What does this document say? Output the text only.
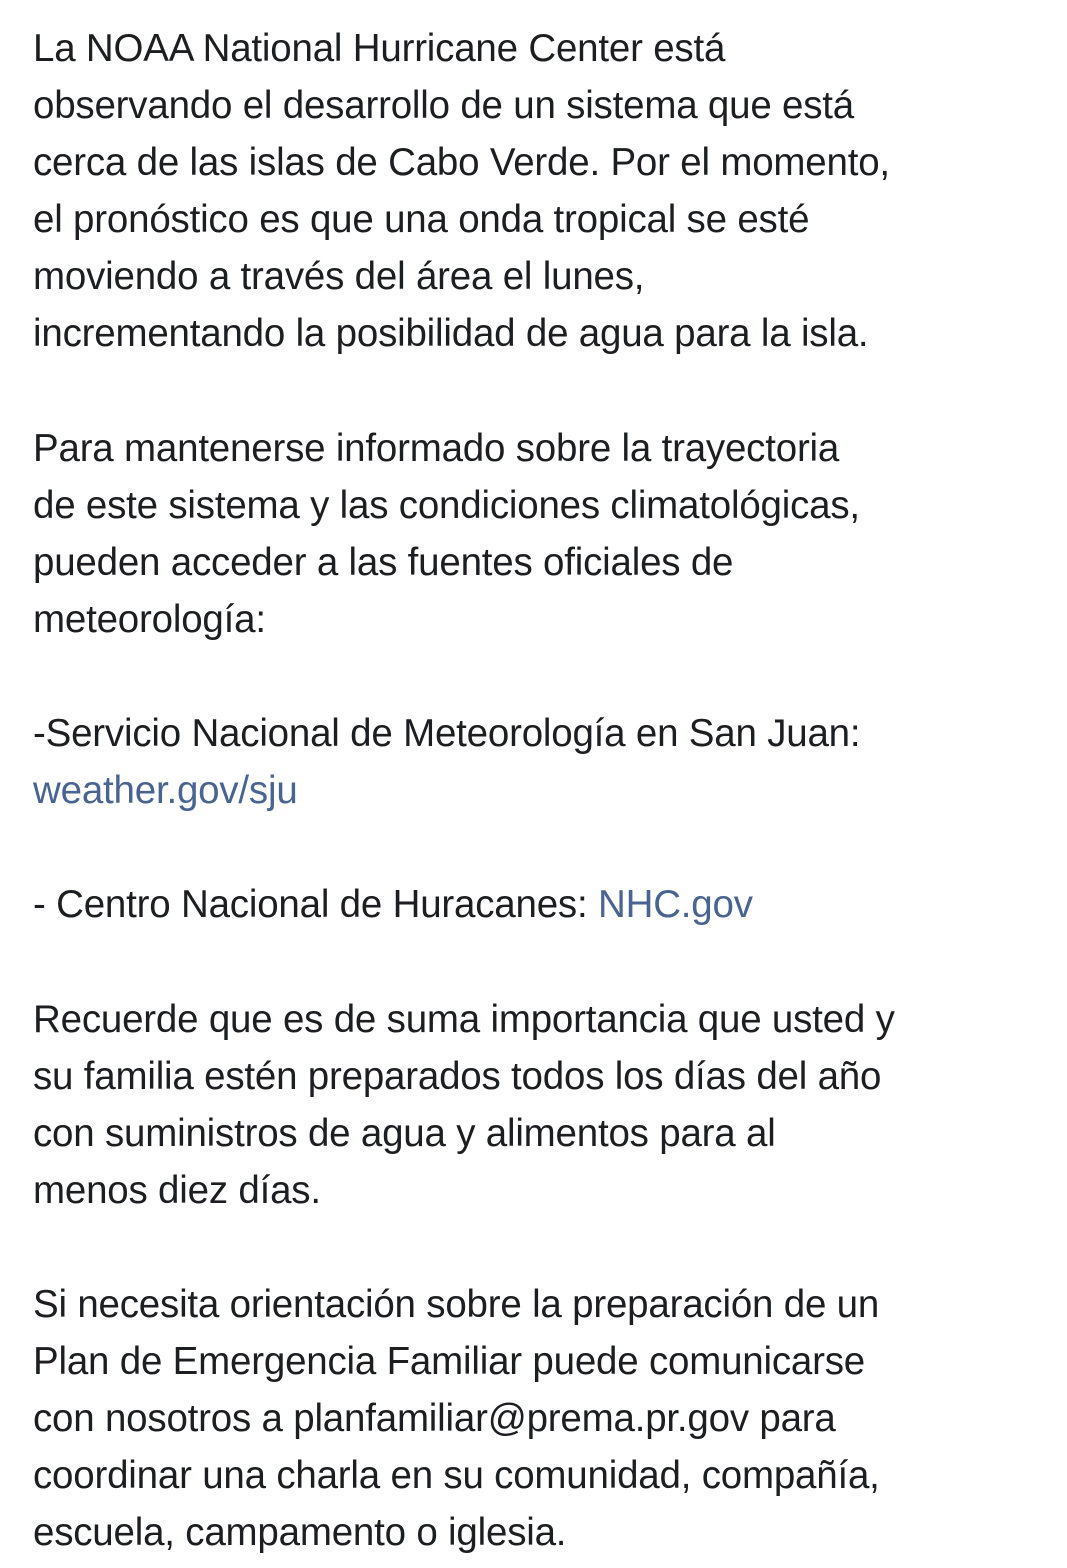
La NOAA National Hurricane Center está
observando el desarrollo de un sistema que está
cerca de las islas de Cabo Verde. Por el momento,
el pronóstico es que una onda tropical se esté
moviendo a través del área el lunes,
incrementando la posibilidad de agua para la isla.

Para mantenerse informado sobre la trayectoria
de este sistema y las condiciones climatológicas,
pueden acceder a las fuentes oficiales de
meteorología:

-Servicio Nacional de Meteorología en San Juan:
weather.gov/sju

- Centro Nacional de Huracanes: NHC.gov

Recuerde que es de suma importancia que usted y
su familia estén preparados todos los días del año
con suministros de agua y alimentos para al
menos diez días.

Si necesita orientación sobre la preparación de un
Plan de Emergencia Familiar puede comunicarse
con nosotros a planfamiliar@prema.pr.gov para
coordinar una charla en su comunidad, compañía,
escuela, campamento o iglesia.
